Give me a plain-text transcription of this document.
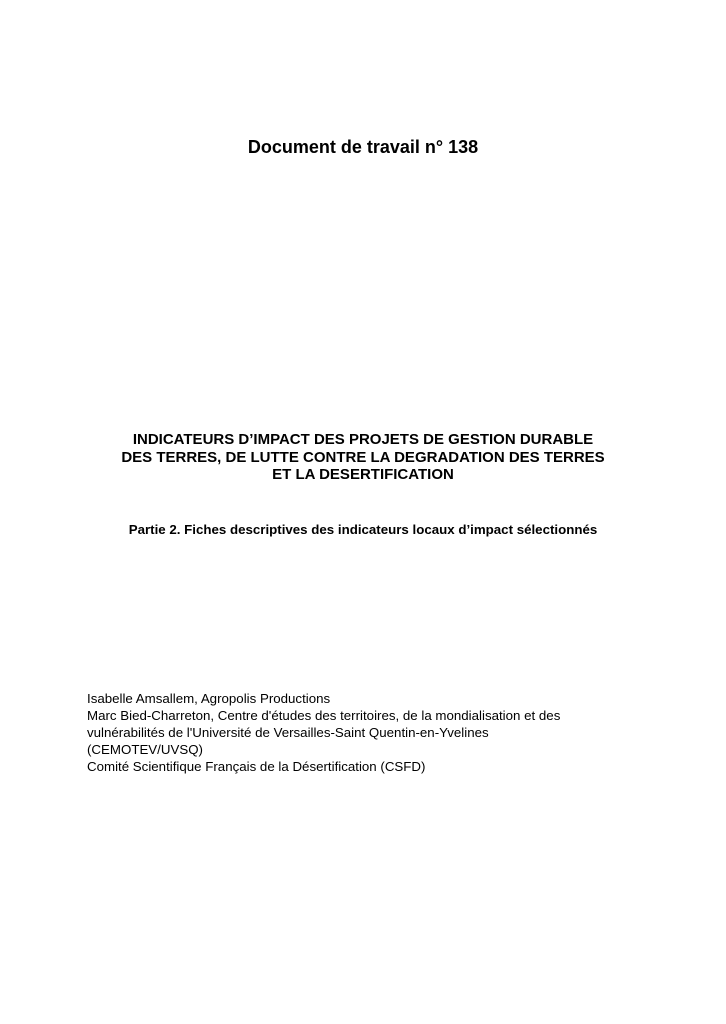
Document de travail n° 138
INDICATEURS D’IMPACT DES PROJETS DE GESTION DURABLE
DES TERRES, DE LUTTE CONTRE LA DEGRADATION DES TERRES
ET LA DESERTIFICATION
Partie 2. Fiches descriptives des indicateurs locaux d’impact sélectionnés
Isabelle Amsallem, Agropolis Productions
Marc Bied-Charreton, Centre d'études des territoires, de la mondialisation et des
vulnérabilités de l'Université de Versailles-Saint Quentin-en-Yvelines
(CEMOTEV/UVSQ)
Comité Scientifique Français de la Désertification (CSFD)
